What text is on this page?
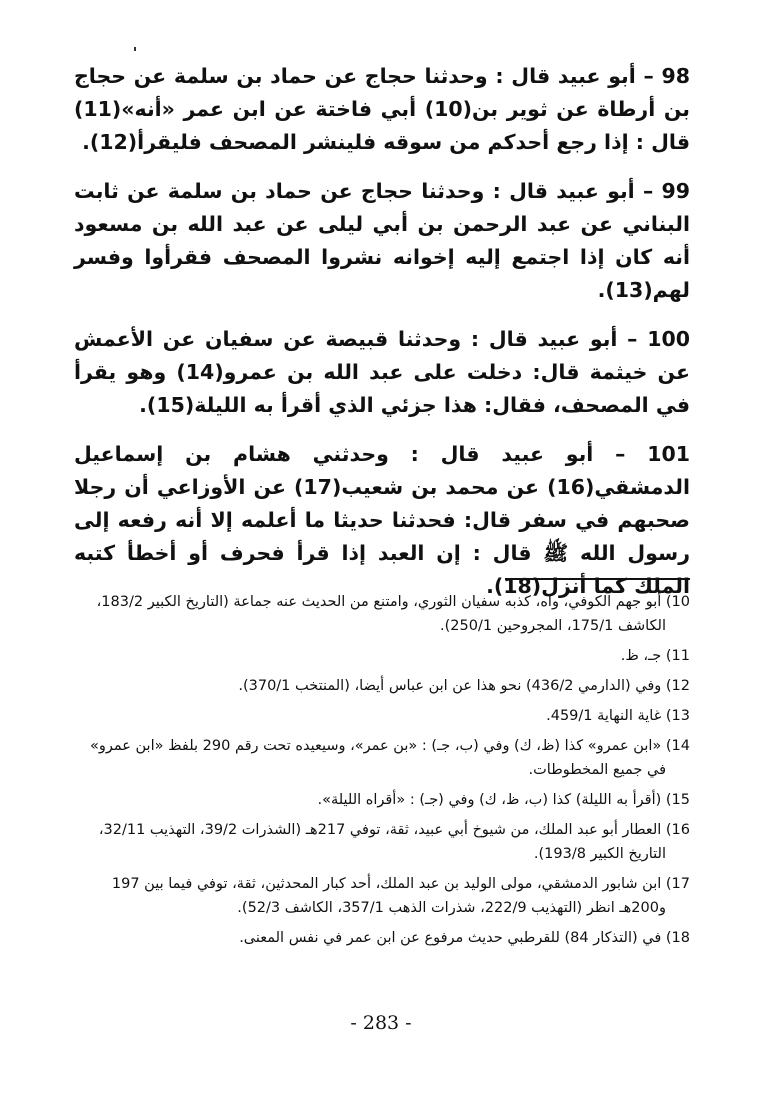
98 – أبو عبيد قال : وحدثنا حجاج عن حماد بن سلمة عن حجاج بن أرطاة عن ثوير بن(10) أبي فاختة عن ابن عمر «أنه»(11) قال : إذا رجع أحدكم من سوقه فلينشر المصحف فليقرأ(12).

99 – أبو عبيد قال : وحدثنا حجاج عن حماد بن سلمة عن ثابت البناني عن عبد الرحمن بن أبي ليلى عن عبد الله بن مسعود أنه كان إذا اجتمع إليه إخوانه نشروا المصحف فقرأوا وفسر لهم(13).

100 – أبو عبيد قال : وحدثنا قبيصة عن سفيان عن الأعمش عن خيثمة قال: دخلت على عبد الله بن عمرو(14) وهو يقرأ في المصحف، فقال: هذا جزئي الذي أقرأ به الليلة(15).

101 – أبو عبيد قال : وحدثني هشام بن إسماعيل الدمشقي(16) عن محمد بن شعيب(17) عن الأوزاعي أن رجلا صحبهم في سفر قال: فحدثنا حديثا ما أعلمه إلا أنه رفعه إلى رسول الله ﷺ قال : إن العبد إذا قرأ فحرف أو أخطأ كتبه الملك كما أنزل(18).

10) أبو جهم الكوفي، واه، كذبه سفيان الثوري، وامتنع من الحديث عنه جماعة (التاريخ الكبير 183/2، الكاشف 175/1، المجروحين 250/1).

11) جـ، ظ.

12) وفي (الدارمي 436/2) نحو هذا عن ابن عباس أيضا، (المنتخب 370/1).

13) غاية النهاية 459/1.

14) «ابن عمرو» كذا (ظ، ك) وفي (ب، جـ) : «بن عمر»، وسيعيده تحت رقم 290 بلفظ «ابن عمرو» في جميع المخطوطات.

15) (أقرأ به الليلة) كذا (ب، ظ، ك) وفي (جـ) : «أقراه الليلة».

16) العطار أبو عبد الملك، من شيوخ أبي عبيد، ثقة، توفي 217هـ (الشذرات 39/2، التهذيب 32/11، التاريخ الكبير 193/8).

17) ابن شابور الدمشقي، مولى الوليد بن عبد الملك، أحد كبار المحدثين، ثقة، توفي فيما بين 197 و200هـ انظر (التهذيب 222/9، شذرات الذهب 357/1، الكاشف 52/3).

18) في (التذكار 84) للقرطبي حديث مرفوع عن ابن عمر في نفس المعنى.

- 283 -
